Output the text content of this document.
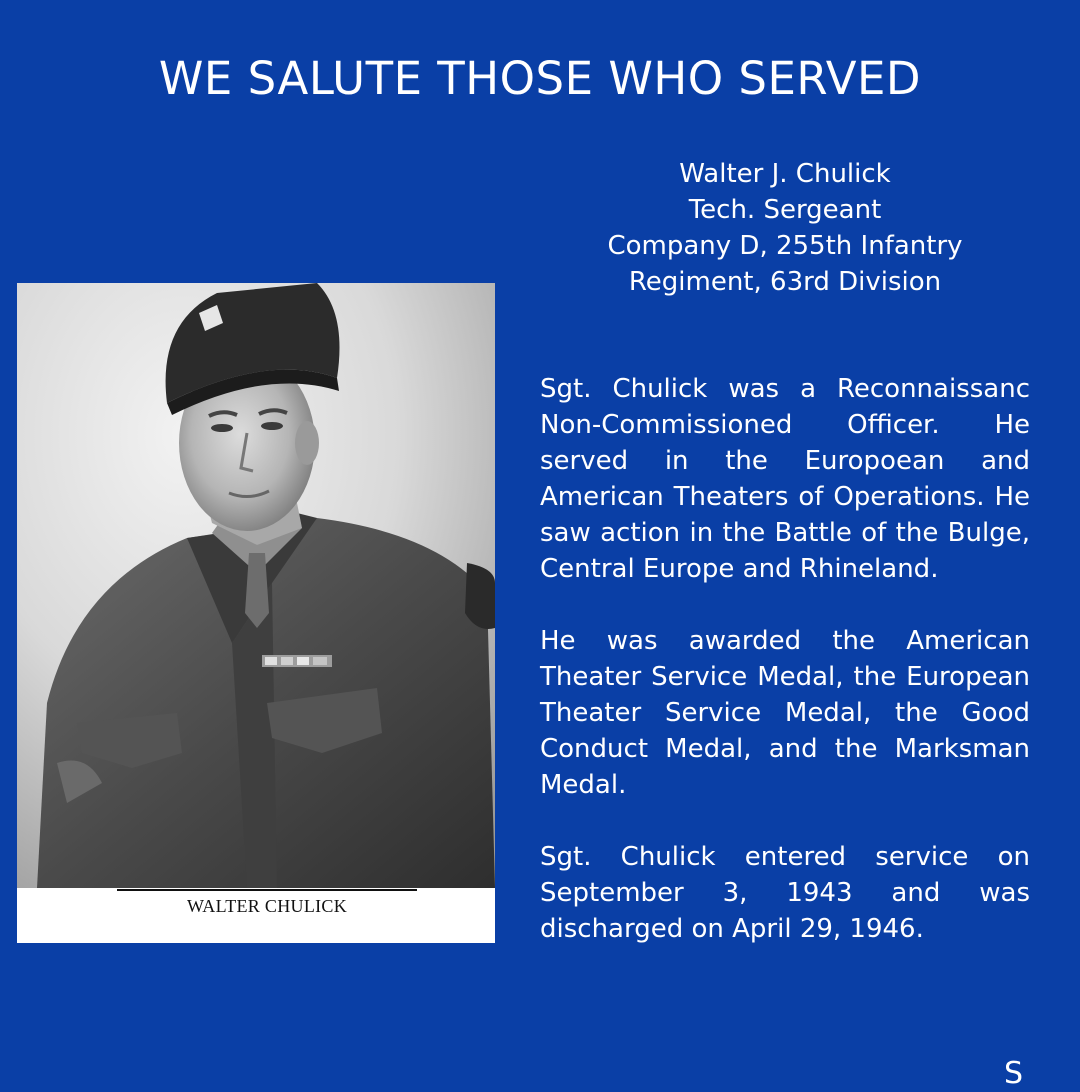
WE SALUTE THOSE WHO SERVED
Walter J. Chulick
Tech. Sergeant
Company D, 255th Infantry
Regiment, 63rd Division
WALTER CHULICK

Sgt. Chulick was a Reconnaissanc Non-Commissioned Officer. He served in the Europoean and American Theaters of Operations. He saw action in the Battle of the Bulge, Central Europe and Rhineland.

He was awarded the American Theater Service Medal, the European Theater Service Medal, the Good Conduct Medal, and the Marksman Medal.

Sgt. Chulick entered service on September 3, 1943 and was discharged on April 29, 1946.

S
